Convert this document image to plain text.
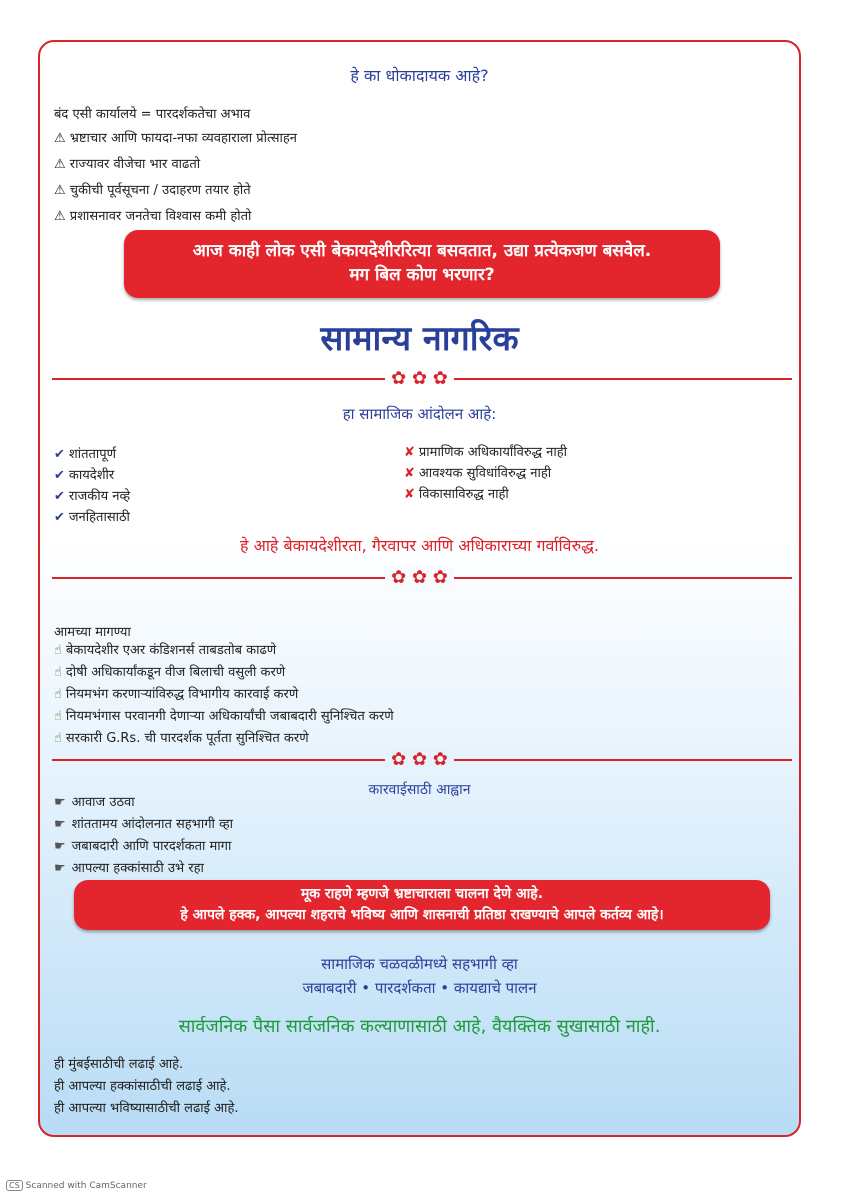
हे का धोकादायक आहे?
बंद एसी कार्यालये = पारदर्शकतेचा अभाव
⚠ भ्रष्टाचार आणि फायदा-नफा व्यवहाराला प्रोत्साहन
⚠ राज्यावर वीजेचा भार वाढतो
⚠ चुकीची पूर्वसूचना / उदाहरण तयार होते
⚠ प्रशासनावर जनतेचा विश्वास कमी होतो
आज काही लोक एसी बेकायदेशीररित्या बसवतात, उद्या प्रत्येकजण बसवेल.
मग बिल कोण भरणार?
सामान्य नागरिक
✿ ✿ ✿
हा सामाजिक आंदोलन आहे:
✔ शांततापूर्ण
✔ कायदेशीर
✔ राजकीय नव्हे
✔ जनहितासाठी
✘ प्रामाणिक अधिकार्यांविरुद्ध नाही
✘ आवश्यक सुविधांविरुद्ध नाही
✘ विकासाविरुद्ध नाही
हे आहे बेकायदेशीरता, गैरवापर आणि अधिकाराच्या गर्वाविरुद्ध.
✿ ✿ ✿
आमच्या मागण्या
☝ बेकायदेशीर एअर कंडिशनर्स ताबडतोब काढणे
☝ दोषी अधिकार्यांकडून वीज बिलाची वसुली करणे
☝ नियमभंग करणाऱ्यांविरुद्ध विभागीय कारवाई करणे
☝ नियमभंगास परवानगी देणाऱ्या अधिकार्यांची जबाबदारी सुनिश्चित करणे
☝ सरकारी G.Rs. ची पारदर्शक पूर्तता सुनिश्चित करणे
✿ ✿ ✿
कारवाईसाठी आह्वान
☛ आवाज उठवा
☛ शांततामय आंदोलनात सहभागी व्हा
☛ जबाबदारी आणि पारदर्शकता मागा
☛ आपल्या हक्कांसाठी उभे रहा
मूक राहणे म्हणजे भ्रष्टाचाराला चालना देणे आहे.
हे आपले हक्क, आपल्या शहराचे भविष्य आणि शासनाची प्रतिष्ठा राखण्याचे आपले कर्तव्य आहे।
सामाजिक चळवळीमध्ये सहभागी व्हा
जबाबदारी • पारदर्शकता • कायद्याचे पालन
सार्वजनिक पैसा सार्वजनिक कल्याणासाठी आहे, वैयक्तिक सुखासाठी नाही.
ही मुंबईसाठीची लढाई आहे.
ही आपल्या हक्कांसाठीची लढाई आहे.
ही आपल्या भविष्यासाठीची लढाई आहे.
CS Scanned with CamScanner
